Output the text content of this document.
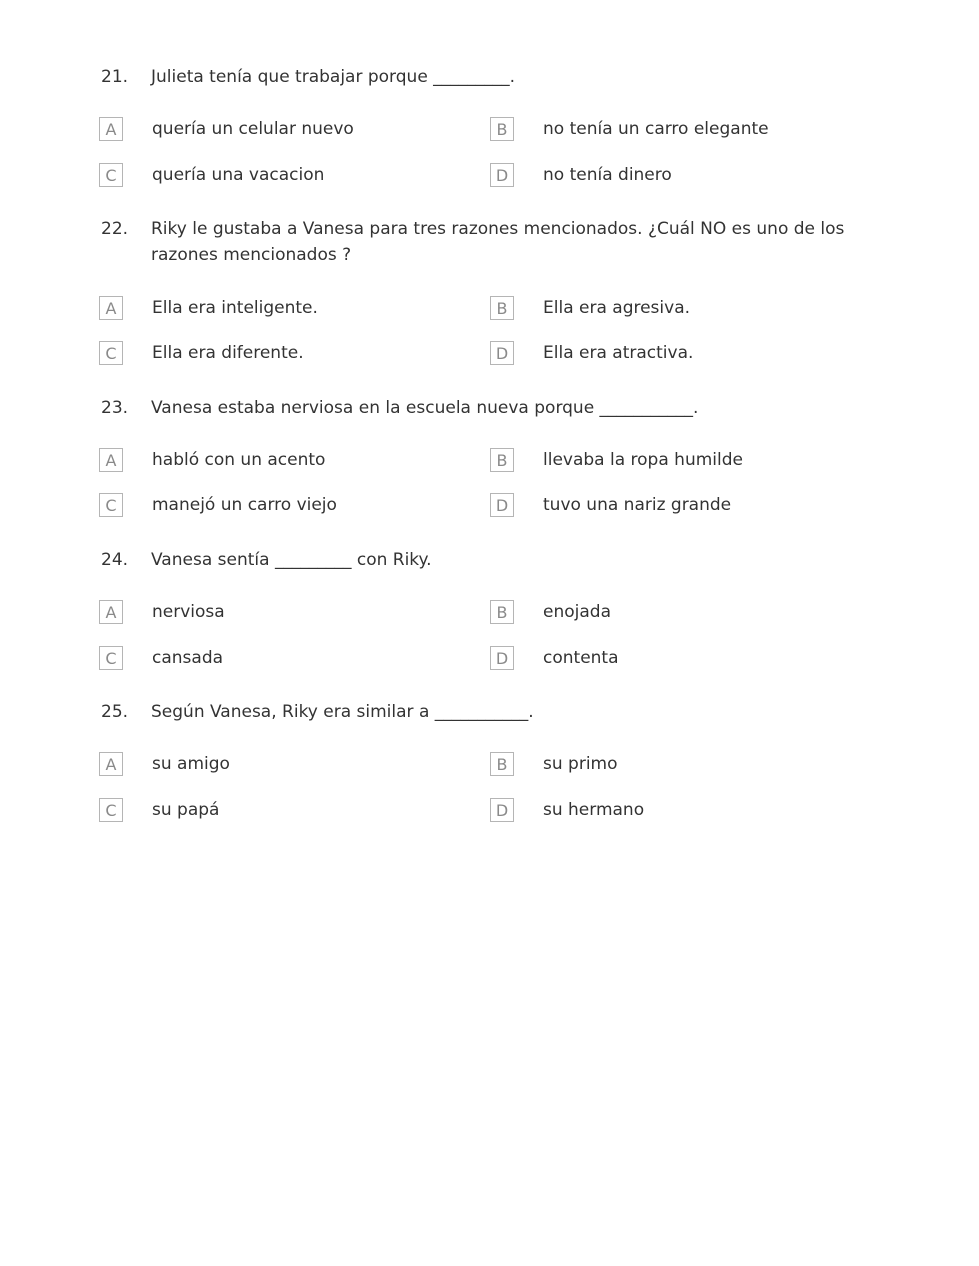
21. Julieta tenía que trabajar porque _________.
A	quería un celular nuevo	B	no tenía un carro elegante
C	quería una vacacion	D	no tenía dinero
22. Riky le gustaba a Vanesa para tres razones mencionados. ¿Cuál NO es uno de los razones mencionados ?
A	Ella era inteligente.	B	Ella era agresiva.
C	Ella era diferente.	D	Ella era atractiva.
23. Vanesa estaba nerviosa en la escuela nueva porque ___________.
A	habló con un acento	B	llevaba la ropa humilde
C	manejó un carro viejo	D	tuvo una nariz grande
24. Vanesa sentía _________ con Riky.
A	nerviosa	B	enojada
C	cansada	D	contenta
25. Según Vanesa, Riky era similar a ___________.
A	su amigo	B	su primo
C	su papá	D	su hermano
